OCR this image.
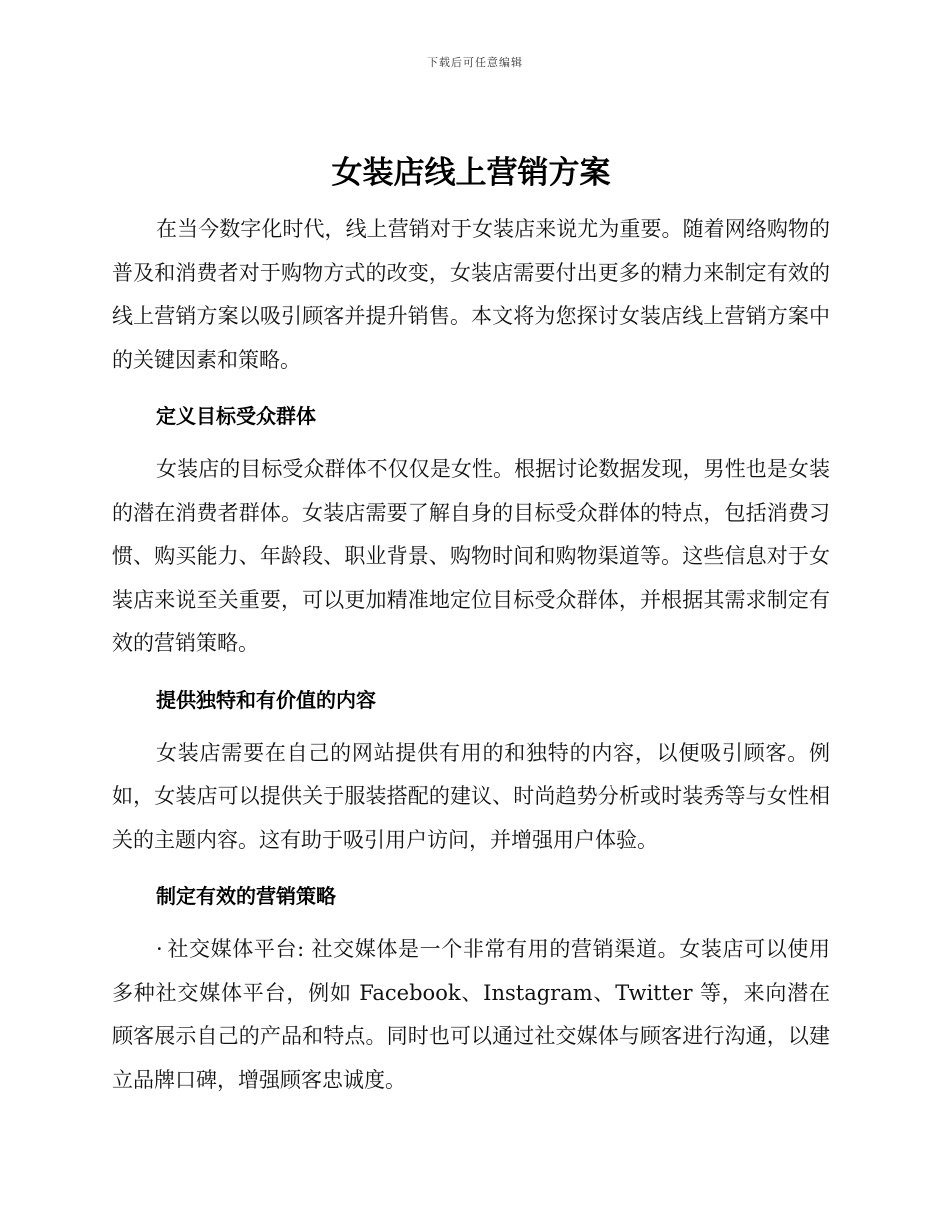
下载后可任意编辑
女装店线上营销方案

在当今数字化时代，线上营销对于女装店来说尤为重要。随着网络购物的普及和消费者对于购物方式的改变，女装店需要付出更多的精力来制定有效的线上营销方案以吸引顾客并提升销售。本文将为您探讨女装店线上营销方案中的关键因素和策略。

定义目标受众群体

女装店的目标受众群体不仅仅是女性。根据讨论数据发现，男性也是女装的潜在消费者群体。女装店需要了解自身的目标受众群体的特点，包括消费习惯、购买能力、年龄段、职业背景、购物时间和购物渠道等。这些信息对于女装店来说至关重要，可以更加精准地定位目标受众群体，并根据其需求制定有效的营销策略。

提供独特和有价值的内容

女装店需要在自己的网站提供有用的和独特的内容，以便吸引顾客。例如，女装店可以提供关于服装搭配的建议、时尚趋势分析或时装秀等与女性相关的主题内容。这有助于吸引用户访问，并增强用户体验。

制定有效的营销策略

· 社交媒体平台: 社交媒体是一个非常有用的营销渠道。女装店可以使用多种社交媒体平台，例如 Facebook、Instagram、Twitter 等，来向潜在顾客展示自己的产品和特点。同时也可以通过社交媒体与顾客进行沟通，以建立品牌口碑，增强顾客忠诚度。
